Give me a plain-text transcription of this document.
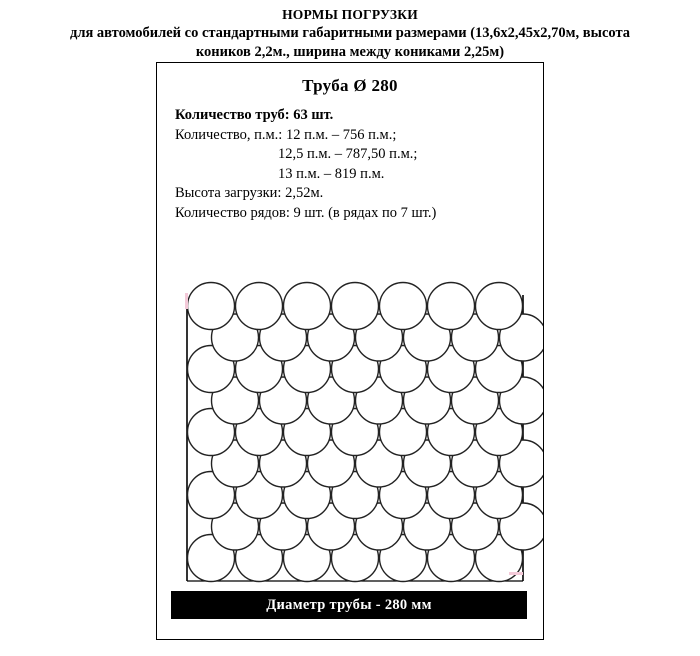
НОРМЫ ПОГРУЗКИ
для автомобилей со стандартными габаритными размерами (13,6х2,45х2,70м, высота
коников 2,2м., ширина между кониками 2,25м)
Труба Ø 280
Количество труб: 63 шт.
Количество, п.м.: 12 п.м. – 756 п.м.;
12,5 п.м. – 787,50 п.м.;
13 п.м. – 819 п.м.
Высота загрузки: 2,52м.
Количество рядов: 9 шт. (в рядах по 7 шт.)
Диаметр трубы - 280 мм
